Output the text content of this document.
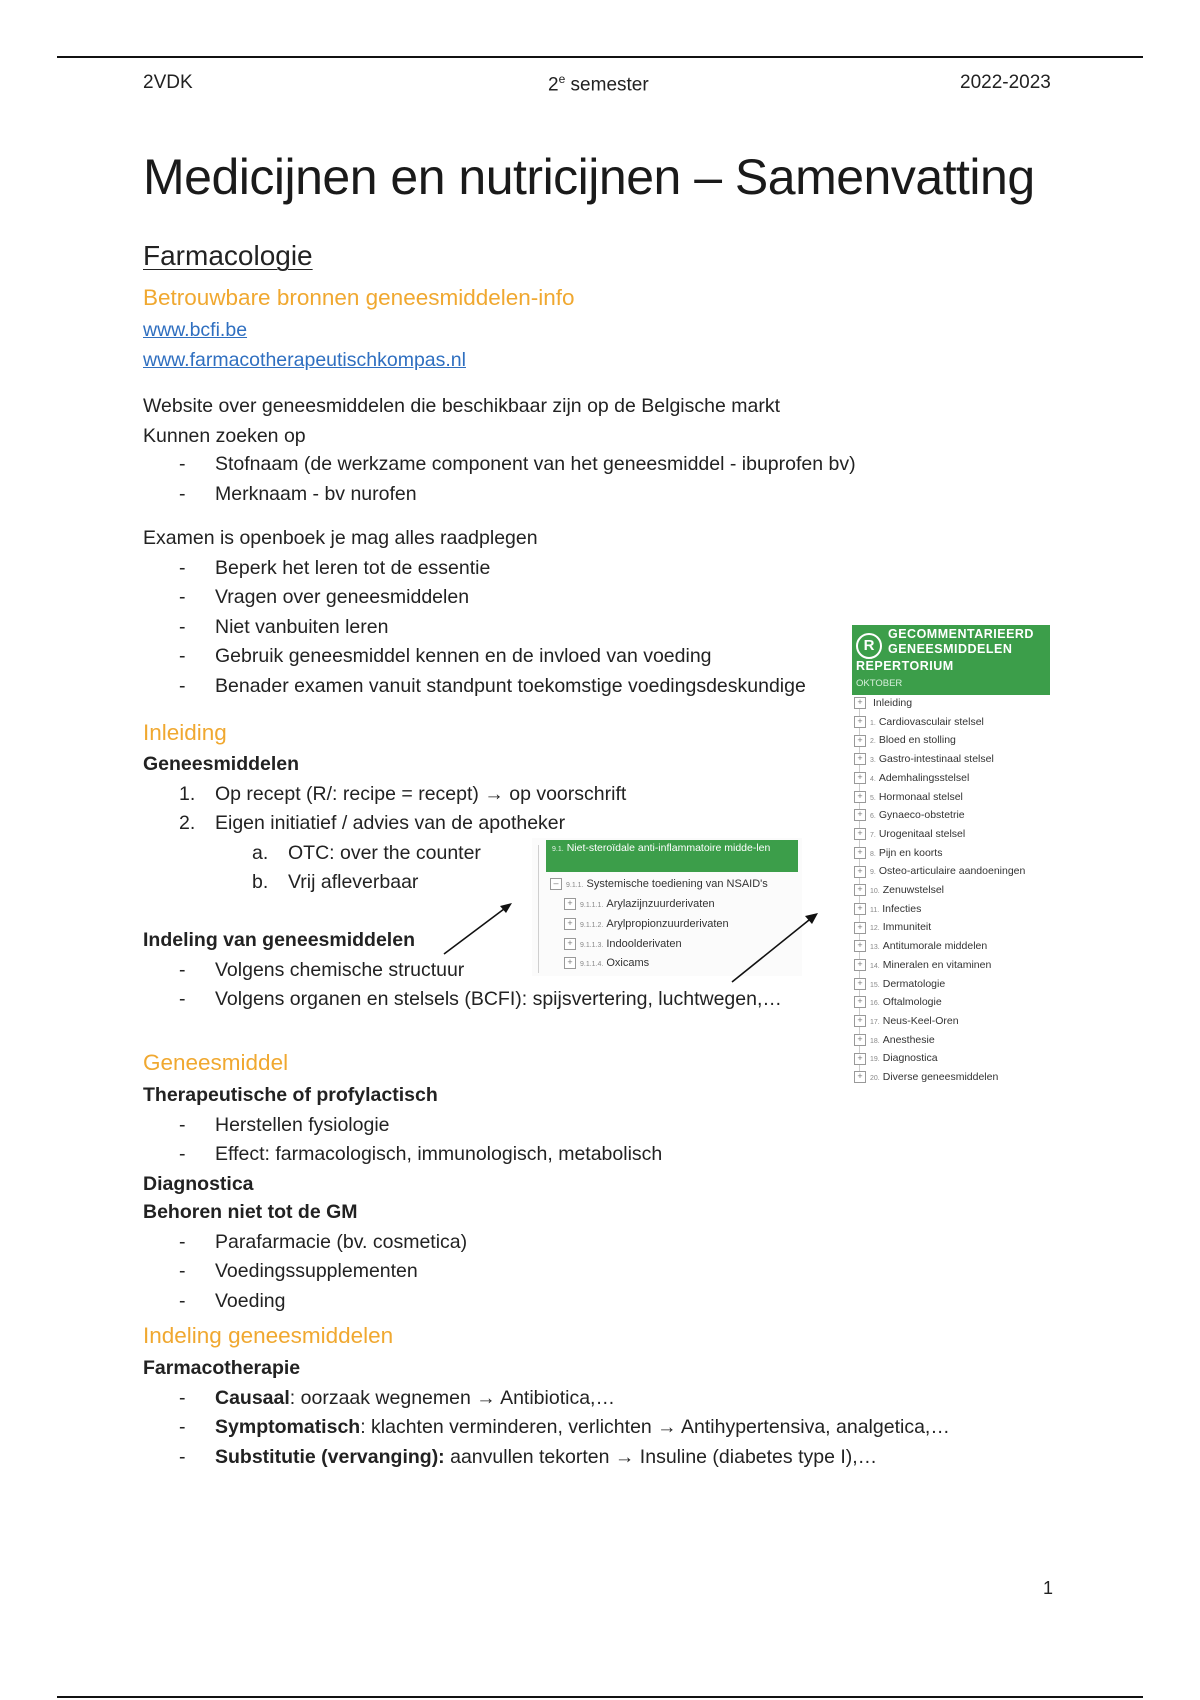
2VDK	2e semester	2022-2023
Medicijnen en nutricijnen – Samenvatting
Farmacologie
Betrouwbare bronnen geneesmiddelen-info
www.bcfi.be
www.farmacotherapeutischkompas.nl
Website over geneesmiddelen die beschikbaar zijn op de Belgische markt
Kunnen zoeken op
- Stofnaam (de werkzame component van het geneesmiddel - ibuprofen bv)
- Merknaam - bv nurofen
Examen is openboek je mag alles raadplegen
- Beperk het leren tot de essentie
- Vragen over geneesmiddelen
- Niet vanbuiten leren
- Gebruik geneesmiddel kennen en de invloed van voeding
- Benader examen vanuit standpunt toekomstige voedingsdeskundige
Inleiding
Geneesmiddelen
1. Op recept (R/: recipe = recept) → op voorschrift
2. Eigen initiatief / advies van de apotheker
a. OTC: over the counter
b. Vrij afleverbaar
Indeling van geneesmiddelen
- Volgens chemische structuur
- Volgens organen en stelsels (BCFI): spijsvertering, luchtwegen,…
9.1. Niet-steroïdale anti-inflammatoire midde-len
– 9.1.1. Systemische toediening van NSAID's
+ 9.1.1.1. Arylazijnzuurderivaten
+ 9.1.1.2. Arylpropionzuurderivaten
+ 9.1.1.3. Indoolderivaten
+ 9.1.1.4. Oxicams
R
GECOMMENTARIEERD
GENEESMIDDELEN
REPERTORIUM
OKTOBER
+ Inleiding
+ 1. Cardiovasculair stelsel
+ 2. Bloed en stolling
+ 3. Gastro-intestinaal stelsel
+ 4. Ademhalingsstelsel
+ 5. Hormonaal stelsel
+ 6. Gynaeco-obstetrie
+ 7. Urogenitaal stelsel
+ 8. Pijn en koorts
+ 9. Osteo-articulaire aandoeningen
+ 10. Zenuwstelsel
+ 11. Infecties
+ 12. Immuniteit
+ 13. Antitumorale middelen
+ 14. Mineralen en vitaminen
+ 15. Dermatologie
+ 16. Oftalmologie
+ 17. Neus-Keel-Oren
+ 18. Anesthesie
+ 19. Diagnostica
+ 20. Diverse geneesmiddelen
Geneesmiddel
Therapeutische of profylactisch
- Herstellen fysiologie
- Effect: farmacologisch, immunologisch, metabolisch
Diagnostica
Behoren niet tot de GM
- Parafarmacie (bv. cosmetica)
- Voedingssupplementen
- Voeding
Indeling geneesmiddelen
Farmacotherapie
- Causaal: oorzaak wegnemen → Antibiotica,…
- Symptomatisch: klachten verminderen, verlichten → Antihypertensiva, analgetica,…
- Substitutie (vervanging): aanvullen tekorten → Insuline (diabetes type I),…
1
